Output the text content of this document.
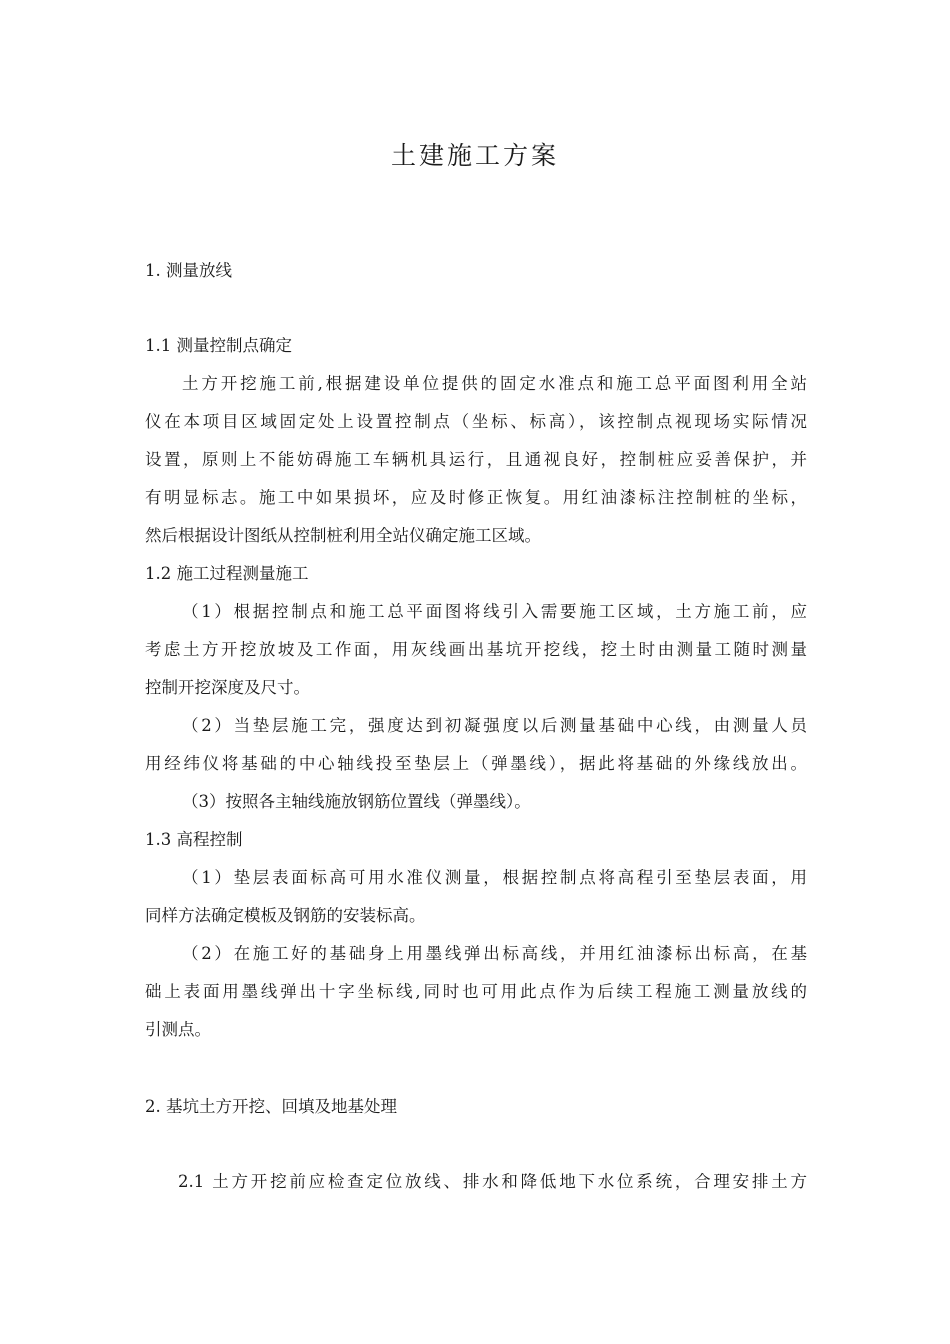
土建施工方案
1. 测量放线
1.1 测量控制点确定
土方开挖施工前,根据建设单位提供的固定水准点和施工总平面图利用全站
仪在本项目区域固定处上设置控制点（坐标、标高），该控制点视现场实际情况
设置，原则上不能妨碍施工车辆机具运行，且通视良好，控制桩应妥善保护，并
有明显标志。施工中如果损坏，应及时修正恢复。用红油漆标注控制桩的坐标，
然后根据设计图纸从控制桩利用全站仪确定施工区域。
1.2 施工过程测量施工
（1）根据控制点和施工总平面图将线引入需要施工区域，土方施工前，应
考虑土方开挖放坡及工作面，用灰线画出基坑开挖线，挖土时由测量工随时测量
控制开挖深度及尺寸。
（2）当垫层施工完，强度达到初凝强度以后测量基础中心线，由测量人员
用经纬仪将基础的中心轴线投至垫层上（弹墨线），据此将基础的外缘线放出。
（3）按照各主轴线施放钢筋位置线（弹墨线）。
1.3 高程控制
（1）垫层表面标高可用水准仪测量，根据控制点将高程引至垫层表面，用
同样方法确定模板及钢筋的安装标高。
（2）在施工好的基础身上用墨线弹出标高线，并用红油漆标出标高，在基
础上表面用墨线弹出十字坐标线,同时也可用此点作为后续工程施工测量放线的
引测点。
2. 基坑土方开挖、回填及地基处理
2.1 土方开挖前应检查定位放线、排水和降低地下水位系统，合理安排土方
